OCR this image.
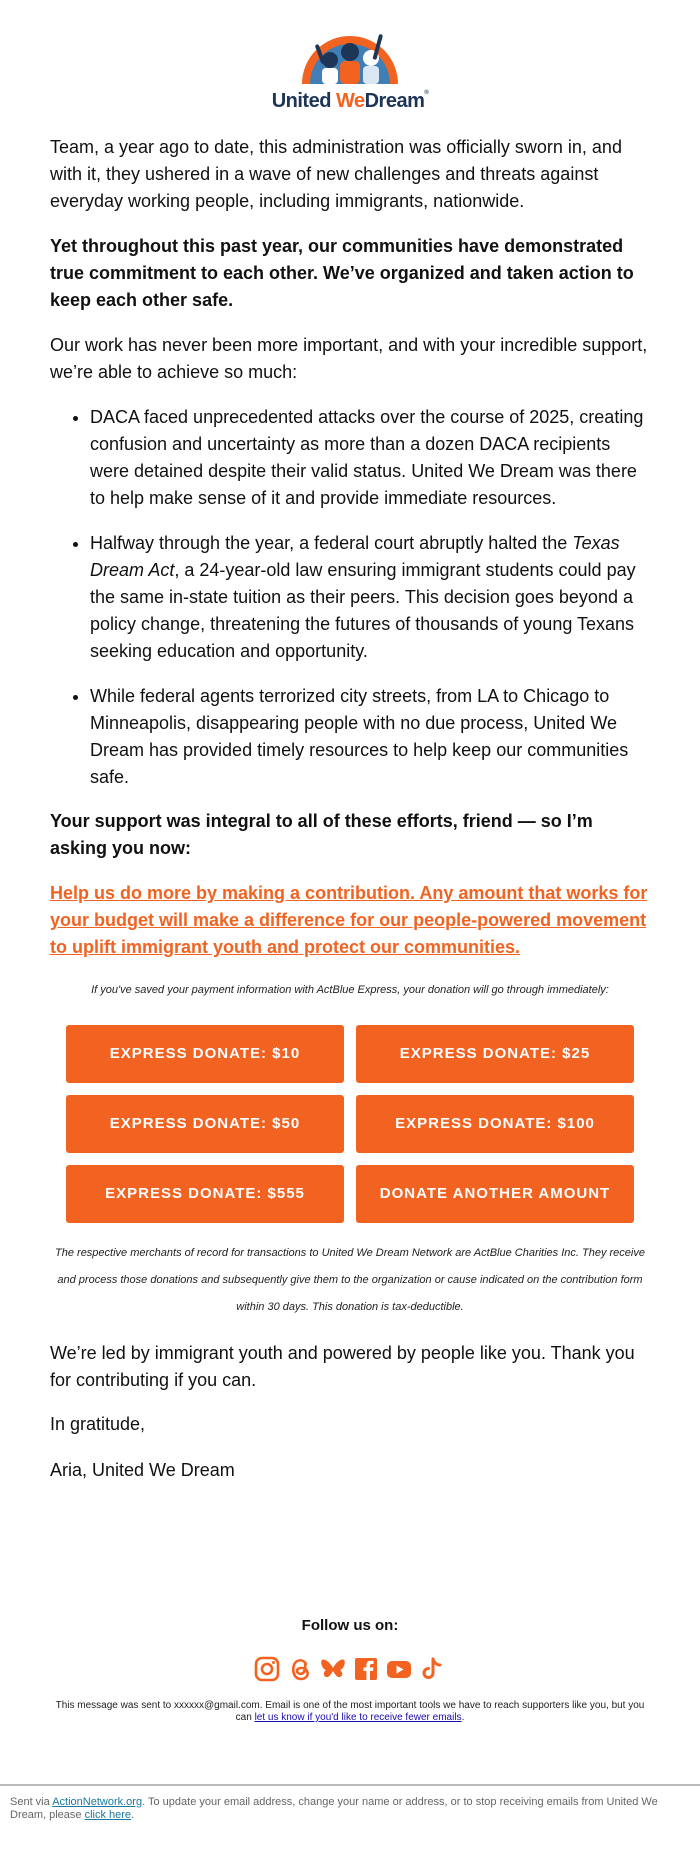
United WeDream®

Team, a year ago to date, this administration was officially sworn in, and with it, they ushered in a wave of new challenges and threats against everyday working people, including immigrants, nationwide.

Yet throughout this past year, our communities have demonstrated true commitment to each other. We’ve organized and taken action to keep each other safe.

Our work has never been more important, and with your incredible support, we’re able to achieve so much:

• DACA faced unprecedented attacks over the course of 2025, creating confusion and uncertainty as more than a dozen DACA recipients were detained despite their valid status. United We Dream was there to help make sense of it and provide immediate resources.
• Halfway through the year, a federal court abruptly halted the Texas Dream Act, a 24-year-old law ensuring immigrant students could pay the same in-state tuition as their peers. This decision goes beyond a policy change, threatening the futures of thousands of young Texans seeking education and opportunity.
• While federal agents terrorized city streets, from LA to Chicago to Minneapolis, disappearing people with no due process, United We Dream has provided timely resources to help keep our communities safe.

Your support was integral to all of these efforts, friend — so I’m asking you now:

Help us do more by making a contribution. Any amount that works for your budget will make a difference for our people-powered movement to uplift immigrant youth and protect our communities.

If you've saved your payment information with ActBlue Express, your donation will go through immediately:

EXPRESS DONATE: $10	EXPRESS DONATE: $25
EXPRESS DONATE: $50	EXPRESS DONATE: $100
EXPRESS DONATE: $555	DONATE ANOTHER AMOUNT

The respective merchants of record for transactions to United We Dream Network are ActBlue Charities Inc. They receive and process those donations and subsequently give them to the organization or cause indicated on the contribution form within 30 days. This donation is tax-deductible.

We’re led by immigrant youth and powered by people like you. Thank you for contributing if you can.

In gratitude,

Aria, United We Dream

Follow us on:

This message was sent to xxxxxx@gmail.com. Email is one of the most important tools we have to reach supporters like you, but you can let us know if you'd like to receive fewer emails.

Sent via ActionNetwork.org. To update your email address, change your name or address, or to stop receiving emails from United We Dream, please click here.
